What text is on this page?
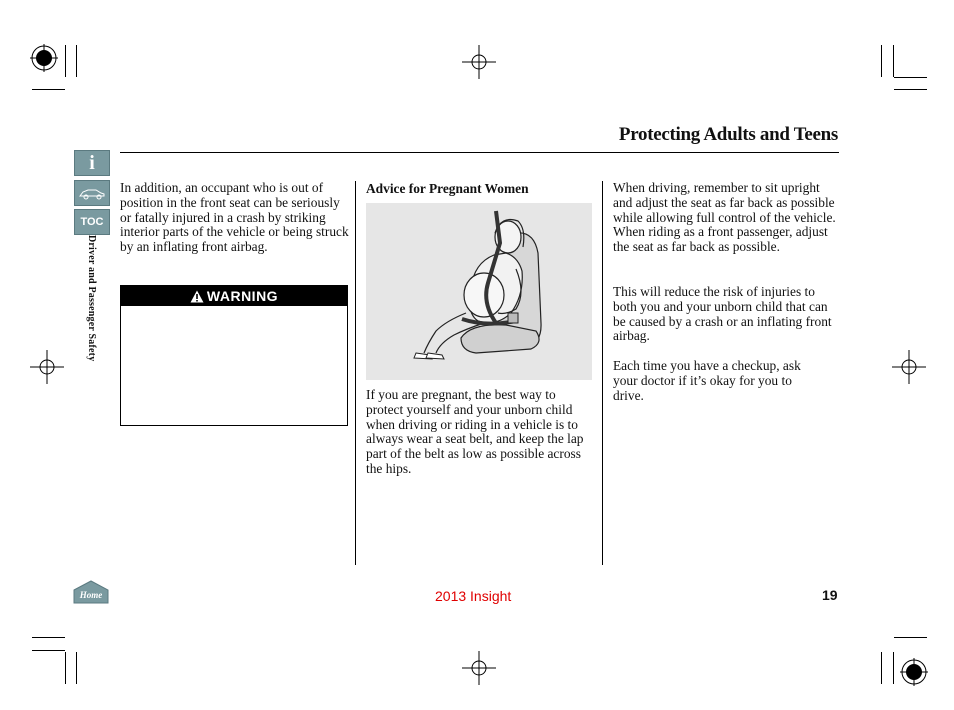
Protecting Adults and Teens
i
TOC
Driver and Passenger Safety
Home
In addition, an occupant who is out of position in the front seat can be seriously or fatally injured in a crash by striking interior parts of the vehicle or being struck by an inflating front airbag.
WARNING
Advice for Pregnant Women
If you are pregnant, the best way to protect yourself and your unborn child when driving or riding in a vehicle is to always wear a seat belt, and keep the lap part of the belt as low as possible across the hips.
When driving, remember to sit upright and adjust the seat as far back as possible while allowing full control of the vehicle. When riding as a front passenger, adjust the seat as far back as possible.
This will reduce the risk of injuries to both you and your unborn child that can be caused by a crash or an inflating front airbag.
Each time you have a checkup, ask your doctor if it’s okay for you to drive.
2013 Insight	19
